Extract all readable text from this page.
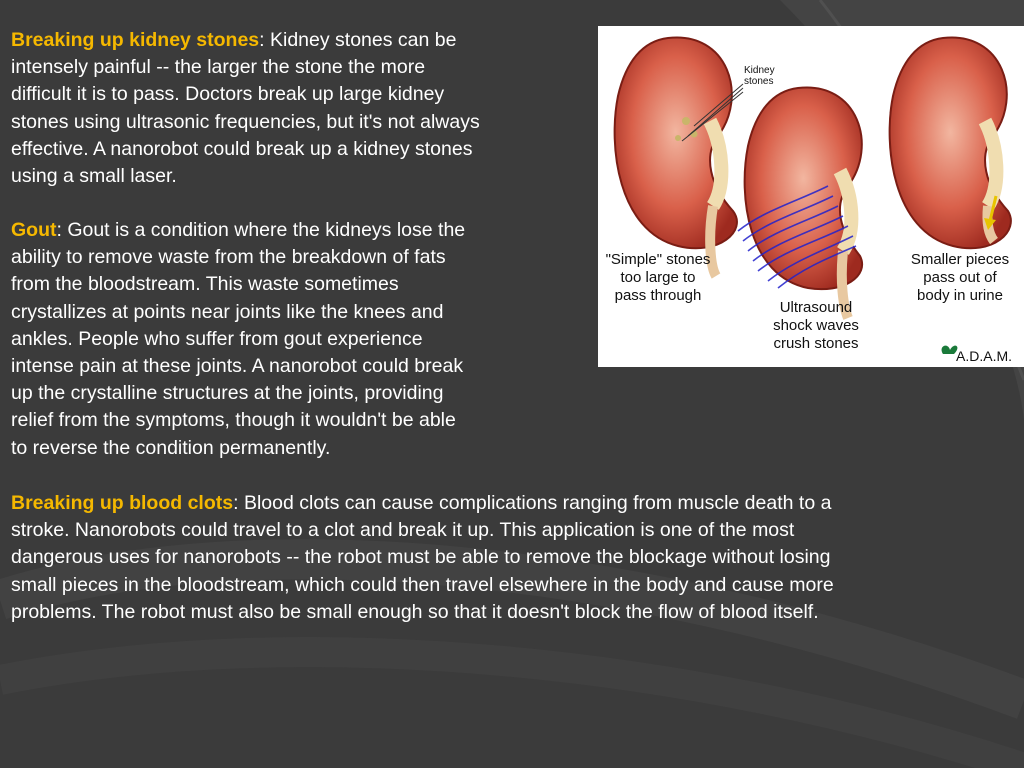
Breaking up kidney stones: Kidney stones can be
intensely painful -- the larger the stone the more
difficult it is to pass. Doctors break up large kidney
stones using ultrasonic frequencies, but it's not always
effective. A nanorobot could break up a kidney stones
using a small laser.

Gout: Gout is a condition where the kidneys lose the
ability to remove waste from the breakdown of fats
from the bloodstream. This waste sometimes
crystallizes at points near joints like the knees and
ankles. People who suffer from gout experience
intense pain at these joints. A nanorobot could break
up the crystalline structures at the joints, providing
relief from the symptoms, though it wouldn't be able
to reverse the condition permanently.

Breaking up blood clots: Blood clots can cause complications ranging from muscle death to a
stroke. Nanorobots could travel to a clot and break it up. This application is one of the most
dangerous uses for nanorobots -- the robot must be able to remove the blockage without losing
small pieces in the bloodstream, which could then travel elsewhere in the body and cause more
problems. The robot must also be small enough so that it doesn't block the flow of blood itself.

Kidney
stones
"Simple" stones
too large to
pass through
Ultrasound
shock waves
crush stones
Smaller pieces
pass out of
body in urine
A.D.A.M.
